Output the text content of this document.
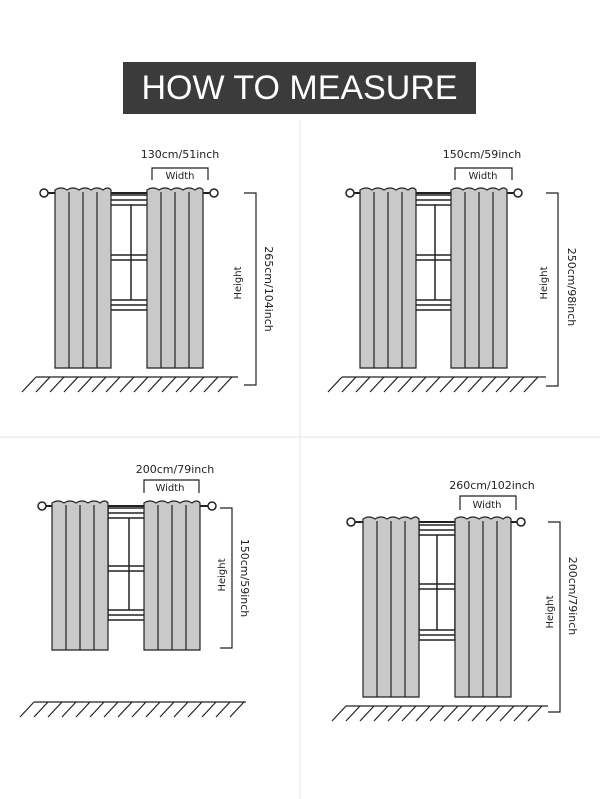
HOW TO MEASURE
130cm/51inch
Width
265cm/104inch
Height
150cm/59inch
Width
250cm/98inch
Height
200cm/79inch
Width
150cm/59inch
Height
260cm/102inch
Width
200cm/79inch
Height
